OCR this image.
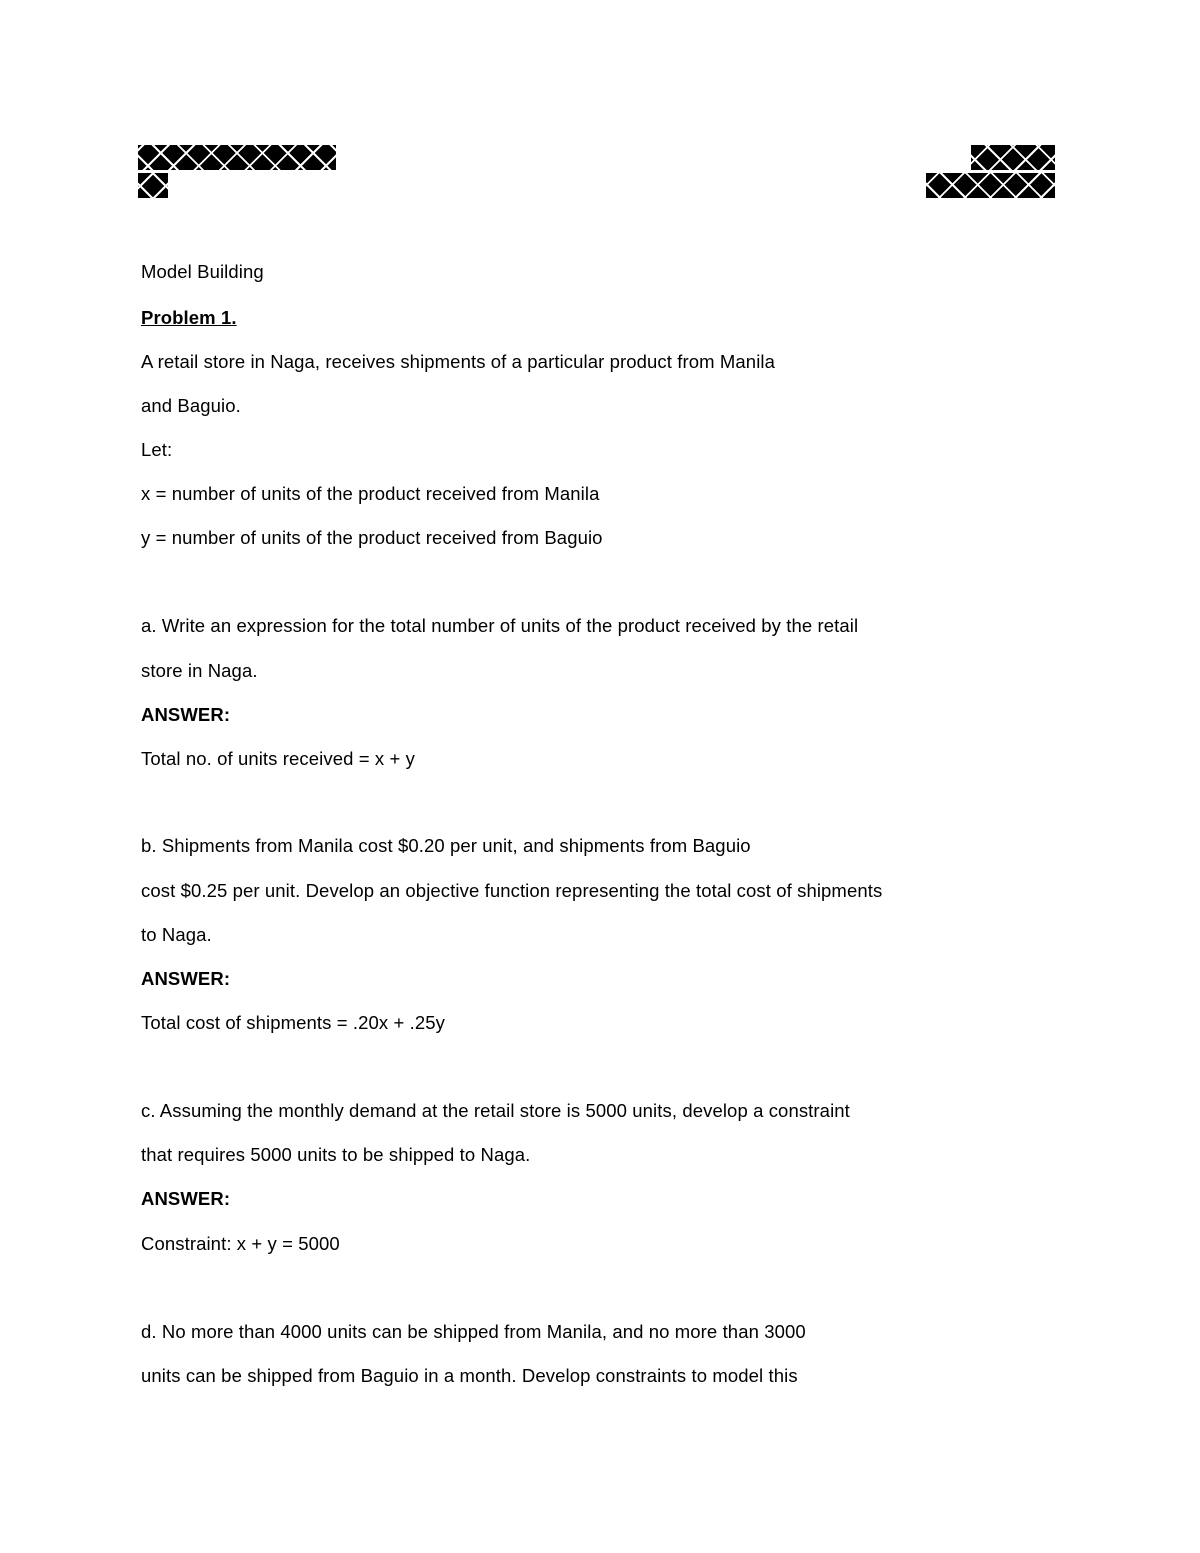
Model Building
Problem 1.
A retail store in Naga, receives shipments of a particular product from Manila
and Baguio.
Let:
x = number of units of the product received from Manila
y = number of units of the product received from Baguio
a. Write an expression for the total number of units of the product received by the retail
store in Naga.
ANSWER:
Total no. of units received = x + y
b. Shipments from Manila cost $0.20 per unit, and shipments from Baguio
cost $0.25 per unit. Develop an objective function representing the total cost of shipments
to Naga.
ANSWER:
Total cost of shipments = .20x + .25y
c. Assuming the monthly demand at the retail store is 5000 units, develop a constraint
that requires 5000 units to be shipped to Naga.
ANSWER:
Constraint: x + y = 5000
d. No more than 4000 units can be shipped from Manila, and no more than 3000
units can be shipped from Baguio in a month. Develop constraints to model this
